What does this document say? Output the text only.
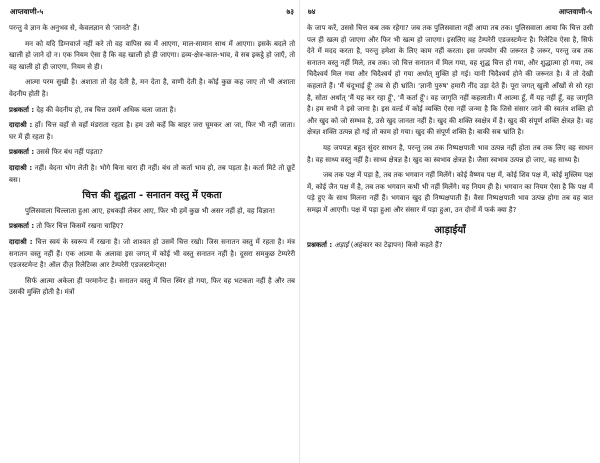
आप्तवाणी-५	७३

परन्तु वे ज्ञान के अनुभव से, केवलज्ञान से 'जानते' हैं।

मन को यदि डिग्नवार्ज नहीं करे तो वह वापिस स्व में आएगा, माल-सामान साथ में आएगा। इसके बदले तो खाली हो जाने दो न। एक नियम ऐसा है कि वह खाली हो ही जाएगा। द्रव्य-क्षेत्र-काल-भाव, वे सब इकट्ठे हो जाएँ, तो वह खाली हो ही जाएगा, नियम से ही।

आत्मा परम सुखी है। अशाता तो देह देती है, मन देता है, वाणी देती है। कोई कुछ कह जाए तो भी अशाता वेदनीय होती है।

प्रश्नकर्ता : देह की वेदनीय हो, तब चित्त उसमें अधिक चला जाता है।

दादाश्री : हाँ। चित्त वहाँ से वहाँ मंडराता रहता है। हम उसे कहें कि बाहर जरा घूमकर आ जा, फिर भी नहीं जाता। घर में ही रहता है।

प्रश्नकर्ता : उससे फिर बंध नहीं पड़ता?

दादाश्री : नहीं। वेदना भोग लेती है। भोगे बिना चारा ही नहीं। बंध तो कर्ता भाव हो, तब पड़ता है। कर्ता मिटे तो छूटें बस।

चित्त की शुद्धता - सनातन वस्तु में एकता

पुलिसवाला चिल्लाता हुआ आए, हथकड़ी लेकर आए, फिर भी हमें कुछ भी असर नहीं हो, वह विज्ञान!

प्रश्नकर्ता : तो फिर चित्त किसमें रखना चाहिए?

दादाश्री : चित्त स्वयं के स्वरूप में रखना है। जो शाश्वत हो उसमें चित्त रखो। जिस सनातन वस्तु में रहता है। मंत्र सनातन वस्तु नहीं हैं। एक आत्मा के अलावा इस जगत् में कोई भी वस्तु सनातन नहीं है। दूसरा समकुछ टेम्परेरी एडजस्टमेन्ट है! ऑल दीज़ रिलेटिव्स आर टेम्परेरी एडजस्टमेन्ट्स!

सिर्फ आत्मा अकेला ही परमानेन्ट है। सनातन वस्तु में चित्त स्थिर हो गया, फिर वह भटकता नहीं है और तब उसकी मुक्ति होती है। मंत्रों

७४	आप्तवाणी-५

के जाप करें, उससे चित्त कब तक रहेगा? जब तक पुलिसवाला नहीं आया तब तक। पुलिसवाला आया कि चित्त उसी पल ही खत्म हो जाएगा और फिर भी खत्म हो जाएगा। इसलिए वह टेम्परेरी एडजस्टमेन्ट है। रिलेटिव ऐसा है, सिर्फ देने में मदद करता है, परन्तु हमेशा के लिए काम नहीं करता। इस जपयोग की जरूरत है जरूर, परन्तु जब तक सनातन वस्तु नहीं मिले, तब तक। जो चित्त सनातन में मिल गया, वह शुद्ध चित्त हो गया, और शुद्धात्मा हो गया, तब चिदैश्वर्य मिल गया और चिदैश्वर्य हो गया अर्थात् मुक्ति हो गई। यानी चिदैश्वर्य होने की जरूरत है। वे तो देखी कहलाते हैं। 'मैं चंदूभाई हूँ' तब से ही भ्रांति। 'ज्ञानी पुरुष' हमारी नींद उड़ा देते हैं। पूरा जगत् खुली आँखों से सो रहा है, सोता अर्थात् 'मैं यह कर रहा हूँ', 'मैं कर्ता हूँ'। वह जागृति नहीं कहलाती। मैं आत्मा हूँ, मैं यह नहीं हूँ, वह जागृति है। हम सभी ने इसे जाना है। इस वर्ल्ड में कोई व्यक्ति ऐसा नहीं जन्मा है कि जिसे संसार जाने की स्वतंत्र शक्ति हो और खुद को जो सम्भव है, उसे खुद जानता नहीं है। खुद की शक्ति स्वक्षेत्र में है। खुद की संपूर्ण शक्ति क्षेत्रज्ञ है। वह क्षेत्रज्ञ शक्ति उत्पन्न हो गई तो काम हो गया। खुद की संपूर्ण शक्ति है। बाकी सब भ्रांति है।

यह जपयज्ञ बहुत सुंदर साधन है, परन्तु जब तक निष्पक्षपाती भाव उत्पन्न नहीं होता तब तक लिए वह साधन है। वह साध्य वस्तु नहीं है। साध्य क्षेत्रज्ञ है। खुद का स्वभाव क्षेत्रज्ञ है। जैसा स्वभाव उत्पन्न हो जाए, वह साध्य है।

जब तक पक्ष में पड़ा है, तब तक भगवान नहीं मिलेंगे। कोई वैष्णव पक्ष में, कोई शिव पक्ष में, कोई मुस्लिम पक्ष में, कोई जैन पक्ष में है, तब तक भगवान कभी भी नहीं मिलेंगे। यह नियम ही है। भगवान का नियम ऐसा है कि पक्ष में पड़े हुए के साथ मिलना नहीं हैं। भगवान खुद ही निष्पक्षपाती हैं। वैसा निष्पक्षपाती भाव उत्पन्न होगा तब वह बात समझ में आएगी। पक्ष में पड़ा हुआ और संसार में पड़ा हुआ, उन दोनों में फर्क क्या है?

आड़ाईयाँ

प्रश्नकर्ता : अड़ाई (अहंकार का टेढ़ापन) किसे कहते हैं?
